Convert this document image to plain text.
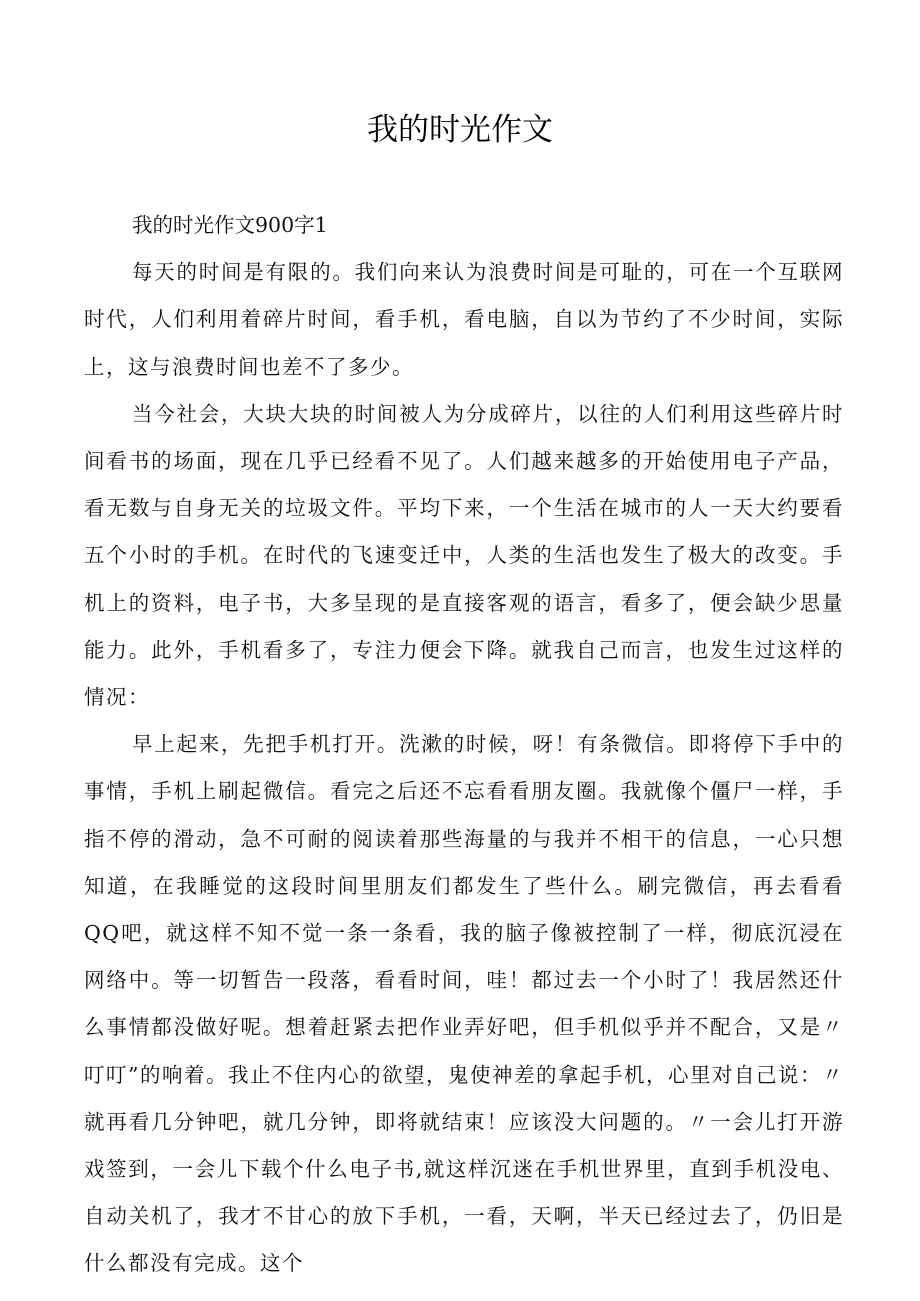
我的时光作文

我的时光作文900字1

每天的时间是有限的。我们向来认为浪费时间是可耻的，可在一个互联网时代，人们利用着碎片时间，看手机，看电脑，自以为节约了不少时间，实际上，这与浪费时间也差不了多少。

当今社会，大块大块的时间被人为分成碎片，以往的人们利用这些碎片时间看书的场面，现在几乎已经看不见了。人们越来越多的开始使用电子产品，看无数与自身无关的垃圾文件。平均下来，一个生活在城市的人一天大约要看五个小时的手机。在时代的飞速变迁中，人类的生活也发生了极大的改变。手机上的资料，电子书，大多呈现的是直接客观的语言，看多了，便会缺少思量能力。此外，手机看多了，专注力便会下降。就我自己而言，也发生过这样的情况：

早上起来，先把手机打开。洗漱的时候，呀！有条微信。即将停下手中的事情，手机上刷起微信。看完之后还不忘看看朋友圈。我就像个僵尸一样，手指不停的滑动，急不可耐的阅读着那些海量的与我并不相干的信息，一心只想知道，在我睡觉的这段时间里朋友们都发生了些什么。刷完微信，再去看看QQ吧，就这样不知不觉一条一条看，我的脑子像被控制了一样，彻底沉浸在网络中。等一切暂告一段落，看看时间，哇！都过去一个小时了！我居然还什么事情都没做好呢。想着赶紧去把作业弄好吧，但手机似乎并不配合，又是〃叮叮”的响着。我止不住内心的欲望，鬼使神差的拿起手机，心里对自己说：〃就再看几分钟吧，就几分钟，即将就结束！应该没大问题的。〃一会儿打开游戏签到，一会儿下载个什么电子书,就这样沉迷在手机世界里，直到手机没电、自动关机了，我才不甘心的放下手机，一看，天啊，半天已经过去了，仍旧是什么都没有完成。这个
